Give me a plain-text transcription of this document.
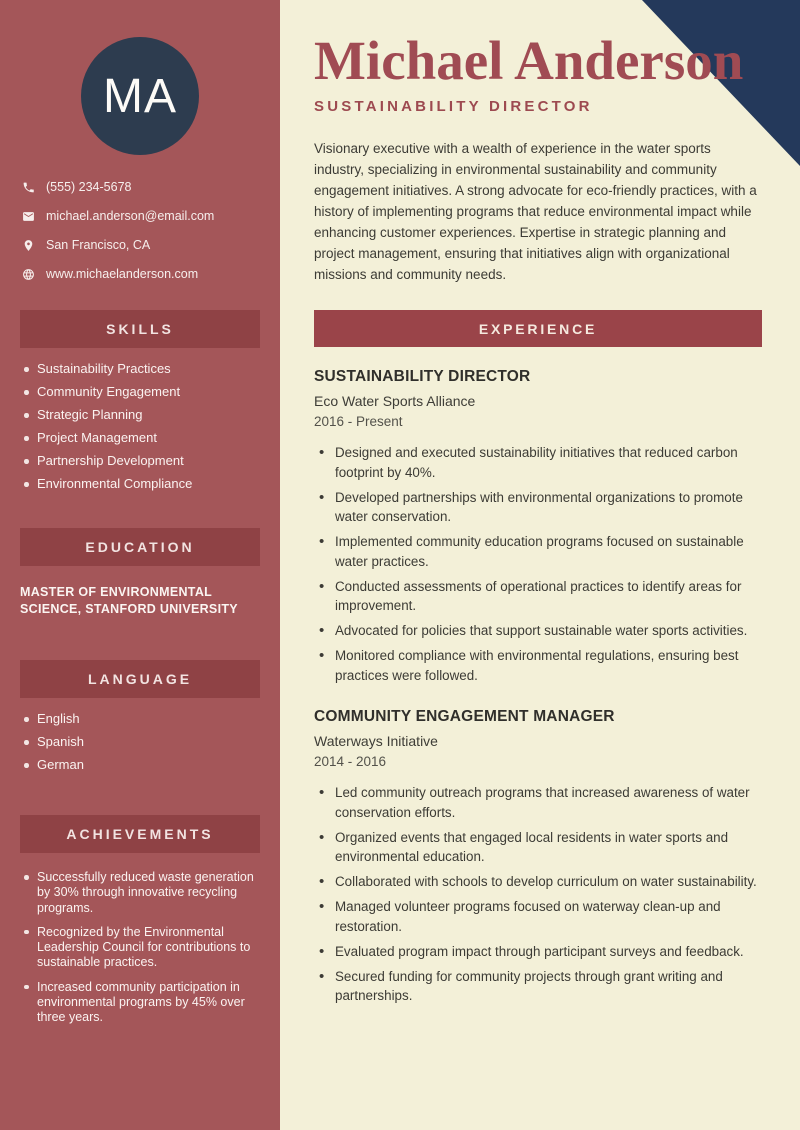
MA
(555) 234-5678
michael.anderson@email.com
San Francisco, CA
www.michaelanderson.com
SKILLS
Sustainability Practices
Community Engagement
Strategic Planning
Project Management
Partnership Development
Environmental Compliance
EDUCATION

MASTER OF ENVIRONMENTAL SCIENCE, STANFORD UNIVERSITY

LANGUAGE
English
Spanish
German
ACHIEVEMENTS
Successfully reduced waste generation by 30% through innovative recycling programs.
Recognized by the Environmental Leadership Council for contributions to sustainable practices.
Increased community participation in environmental programs by 45% over three years.
Michael Anderson
SUSTAINABILITY DIRECTOR

Visionary executive with a wealth of experience in the water sports industry, specializing in environmental sustainability and community engagement initiatives. A strong advocate for eco-friendly practices, with a history of implementing programs that reduce environmental impact while enhancing customer experiences. Expertise in strategic planning and project management, ensuring that initiatives align with organizational missions and community needs.

EXPERIENCE
SUSTAINABILITY DIRECTOR
Eco Water Sports Alliance
2016 - Present
• Designed and executed sustainability initiatives that reduced carbon footprint by 40%.
• Developed partnerships with environmental organizations to promote water conservation.
• Implemented community education programs focused on sustainable water practices.
• Conducted assessments of operational practices to identify areas for improvement.
• Advocated for policies that support sustainable water sports activities.
• Monitored compliance with environmental regulations, ensuring best practices were followed.
COMMUNITY ENGAGEMENT MANAGER
Waterways Initiative
2014 - 2016
• Led community outreach programs that increased awareness of water conservation efforts.
• Organized events that engaged local residents in water sports and environmental education.
• Collaborated with schools to develop curriculum on water sustainability.
• Managed volunteer programs focused on waterway clean-up and restoration.
• Evaluated program impact through participant surveys and feedback.
• Secured funding for community projects through grant writing and partnerships.
